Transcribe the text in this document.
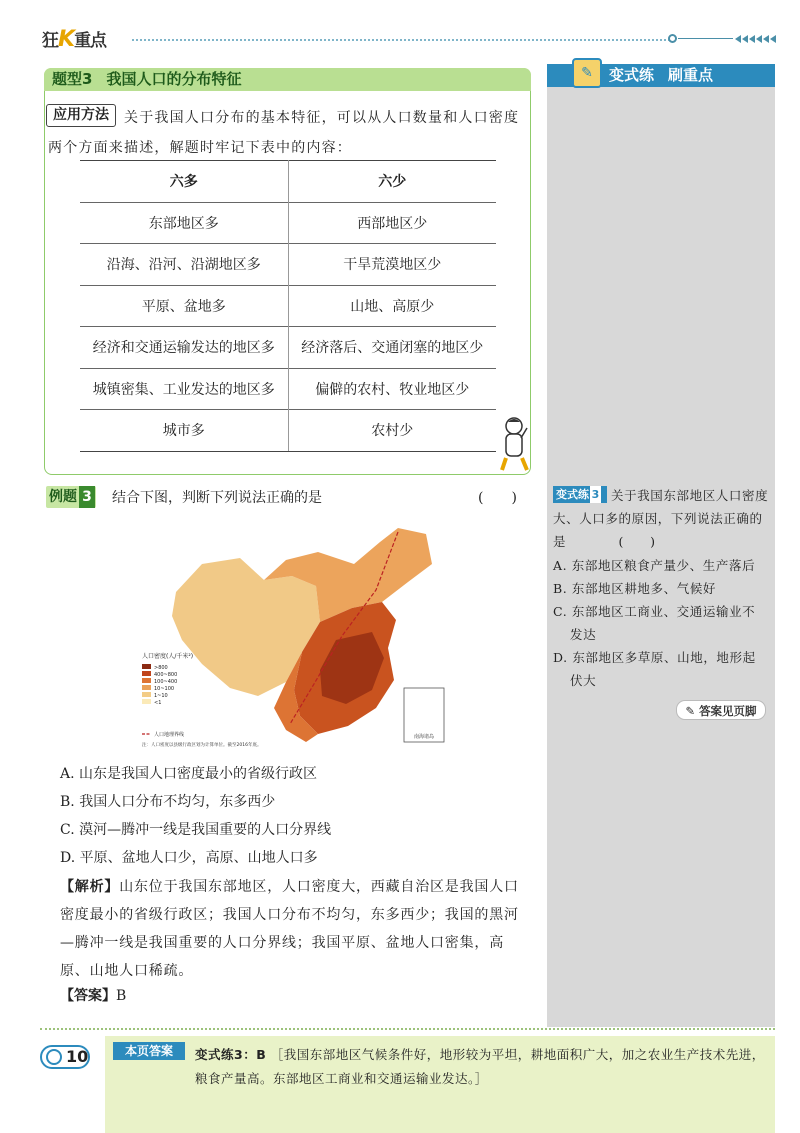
狂K重点
变式练 刷重点
✎
题型3 我国人口的分布特征
关于我国人口分布的基本特征，可以从人口数量和人口密度两个方面来描述，解题时牢记下表中的内容：
应用方法
六多	六少
东部地区多	西部地区少
沿海、沿河、沿湖地区多	干旱荒漠地区少
平原、盆地多	山地、高原少
经济和交通运输发达的地区多	经济落后、交通闭塞的地区少
城镇密集、工业发达的地区多	偏僻的农村、牧业地区少
城市多	农村少
例题 3 结合下图，判断下列说法正确的是	(　　)
南海诸岛
人口密度(人/千米²)
>800
400~800
100~400
10~100
1~10
<1
人口地理界线
注：人口密度以县级行政区划为计算单位。截至2016年底。
A. 山东是我国人口密度最小的省级行政区
B. 我国人口分布不均匀，东多西少
C. 漠河—腾冲一线是我国重要的人口分界线
D. 平原、盆地人口少，高原、山地人口多
【解析】山东位于我国东部地区，人口密度大，西藏自治区是我国人口密度最小的省级行政区；我国人口分布不均匀，东多西少；我国的黑河—腾冲一线是我国重要的人口分界线；我国平原、盆地人口密集，高原、山地人口稀疏。
【答案】B
关于我国东部地区人口密度大、人口多的原因，下列说法正确的是　　　　(　　)
变式练 3
A. 东部地区粮食产量少、生产落后
B. 东部地区耕地多、气候好
C. 东部地区工商业、交通运输业不
发达
D. 东部地区多草原、山地，地形起
伏大
✎ 答案见页脚
10	本页答案	变式练3：B ［我国东部地区气候条件好，地形较为平坦，耕地面积广大，加之农业生产技术先进，粮食产量高。东部地区工商业和交通运输业发达。］
